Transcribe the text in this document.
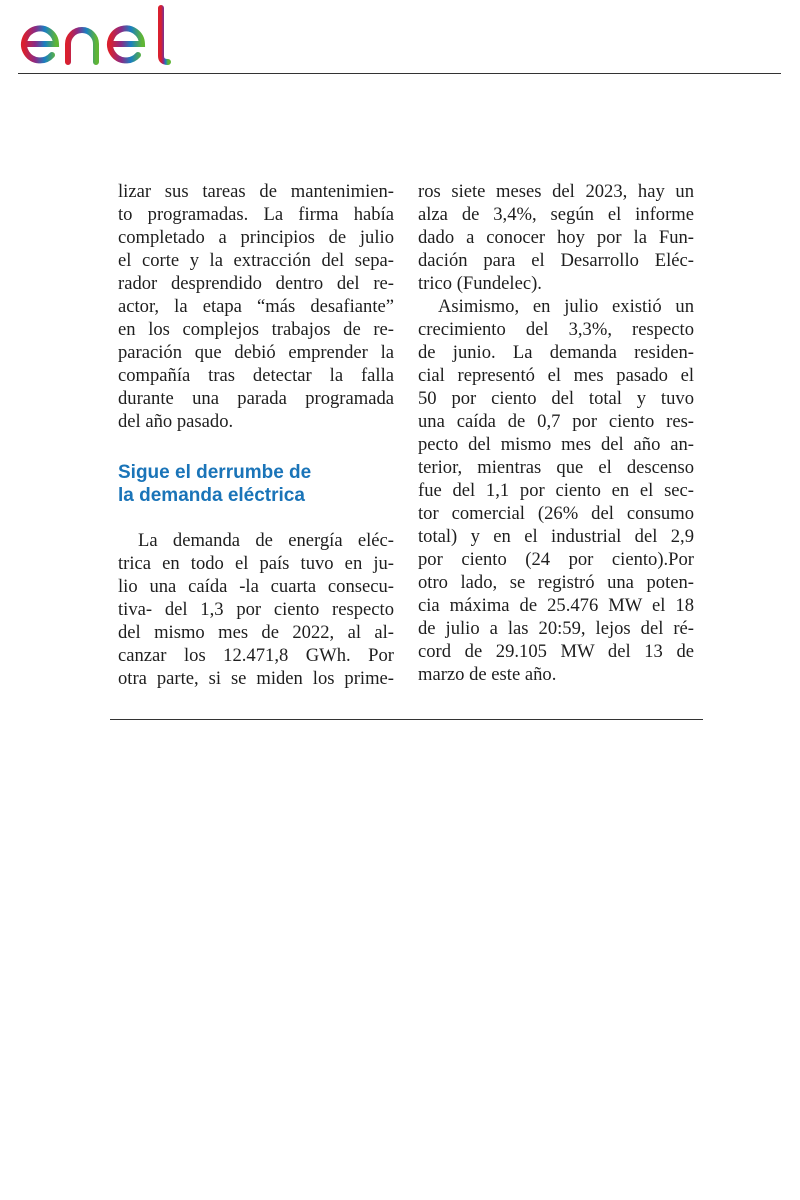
lizar sus tareas de mantenimien-
to programadas. La firma había
completado a principios de julio
el corte y la extracción del sepa-
rador desprendido dentro del re-
actor, la etapa “más desafiante”
en los complejos trabajos de re-
paración que debió emprender la
compañía tras detectar la falla
durante una parada programada
del año pasado.
Sigue el derrumbe de
la demanda eléctrica
La demanda de energía eléc-
trica en todo el país tuvo en ju-
lio una caída -la cuarta consecu-
tiva- del 1,3 por ciento respecto
del mismo mes de 2022, al al-
canzar los 12.471,8 GWh. Por
otra parte, si se miden los prime-
ros siete meses del 2023, hay un
alza de 3,4%, según el informe
dado a conocer hoy por la Fun-
dación para el Desarrollo Eléc-
trico (Fundelec).
Asimismo, en julio existió un
crecimiento del 3,3%, respecto
de junio. La demanda residen-
cial representó el mes pasado el
50 por ciento del total y tuvo
una caída de 0,7 por ciento res-
pecto del mismo mes del año an-
terior, mientras que el descenso
fue del 1,1 por ciento en el sec-
tor comercial (26% del consumo
total) y en el industrial del 2,9
por ciento (24 por ciento).Por
otro lado, se registró una poten-
cia máxima de 25.476 MW el 18
de julio a las 20:59, lejos del ré-
cord de 29.105 MW del 13 de
marzo de este año.
